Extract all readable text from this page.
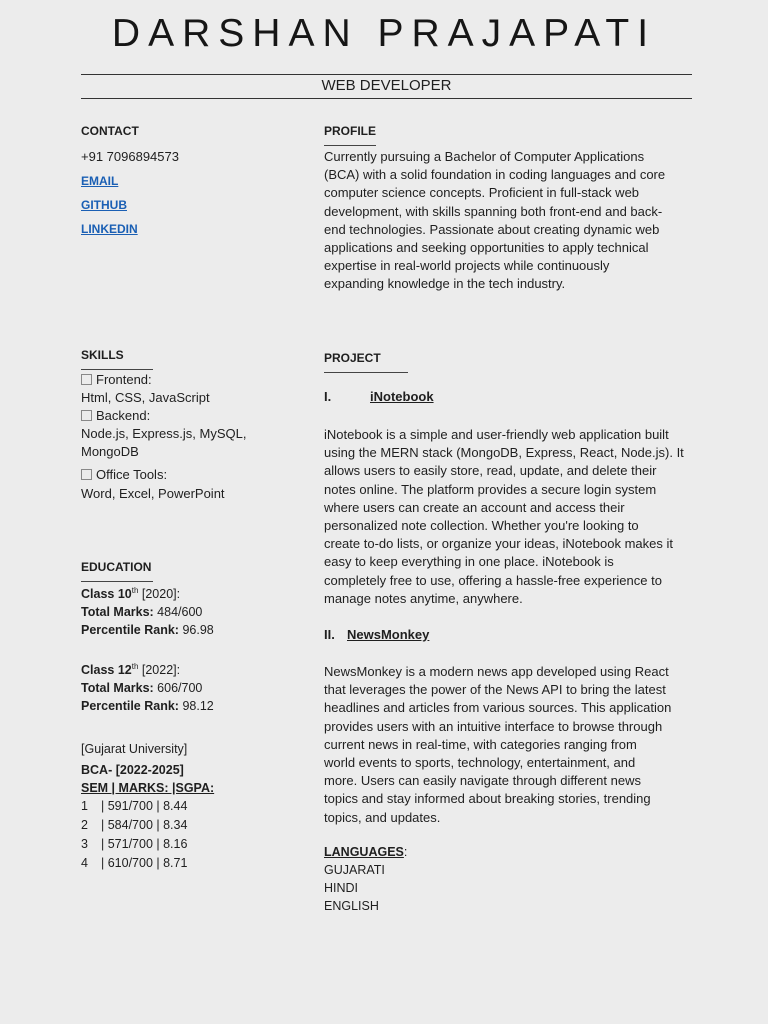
DARSHAN PRAJAPATI
WEB DEVELOPER
CONTACT
+91 7096894573
EMAIL
GITHUB
LINKEDIN
PROFILE
Currently pursuing a Bachelor of Computer Applications
(BCA) with a solid foundation in coding languages and core
computer science concepts. Proficient in full-stack web
development, with skills spanning both front-end and back-
end technologies. Passionate about creating dynamic web
applications and seeking opportunities to apply technical
expertise in real-world projects while continuously
expanding knowledge in the tech industry.
SKILLS
Frontend:
Html, CSS, JavaScript
Backend:
Node.js, Express.js, MySQL,
MongoDB
Office Tools:
Word, Excel, PowerPoint
EDUCATION
Class 10th [2020]:
Total Marks: 484/600
Percentile Rank: 96.98
Class 12th [2022]:
Total Marks: 606/700
Percentile Rank: 98.12
[Gujarat University]
BCA- [2022-2025]
SEM | MARKS: |SGPA:
1 | 591/700 | 8.44
2 | 584/700 | 8.34
3 | 571/700 | 8.16
4 | 610/700 | 8.71
PROJECT
I.	iNotebook
iNotebook is a simple and user-friendly web application built
using the MERN stack (MongoDB, Express, React, Node.js). It
allows users to easily store, read, update, and delete their
notes online. The platform provides a secure login system
where users can create an account and access their
personalized note collection. Whether you're looking to
create to-do lists, or organize your ideas, iNotebook makes it
easy to keep everything in one place. iNotebook is
completely free to use, offering a hassle-free experience to
manage notes anytime, anywhere.
II. NewsMonkey
NewsMonkey is a modern news app developed using React
that leverages the power of the News API to bring the latest
headlines and articles from various sources. This application
provides users with an intuitive interface to browse through
current news in real-time, with categories ranging from
world events to sports, technology, entertainment, and
more. Users can easily navigate through different news
topics and stay informed about breaking stories, trending
topics, and updates.
LANGUAGES:
GUJARATI
HINDI
ENGLISH
